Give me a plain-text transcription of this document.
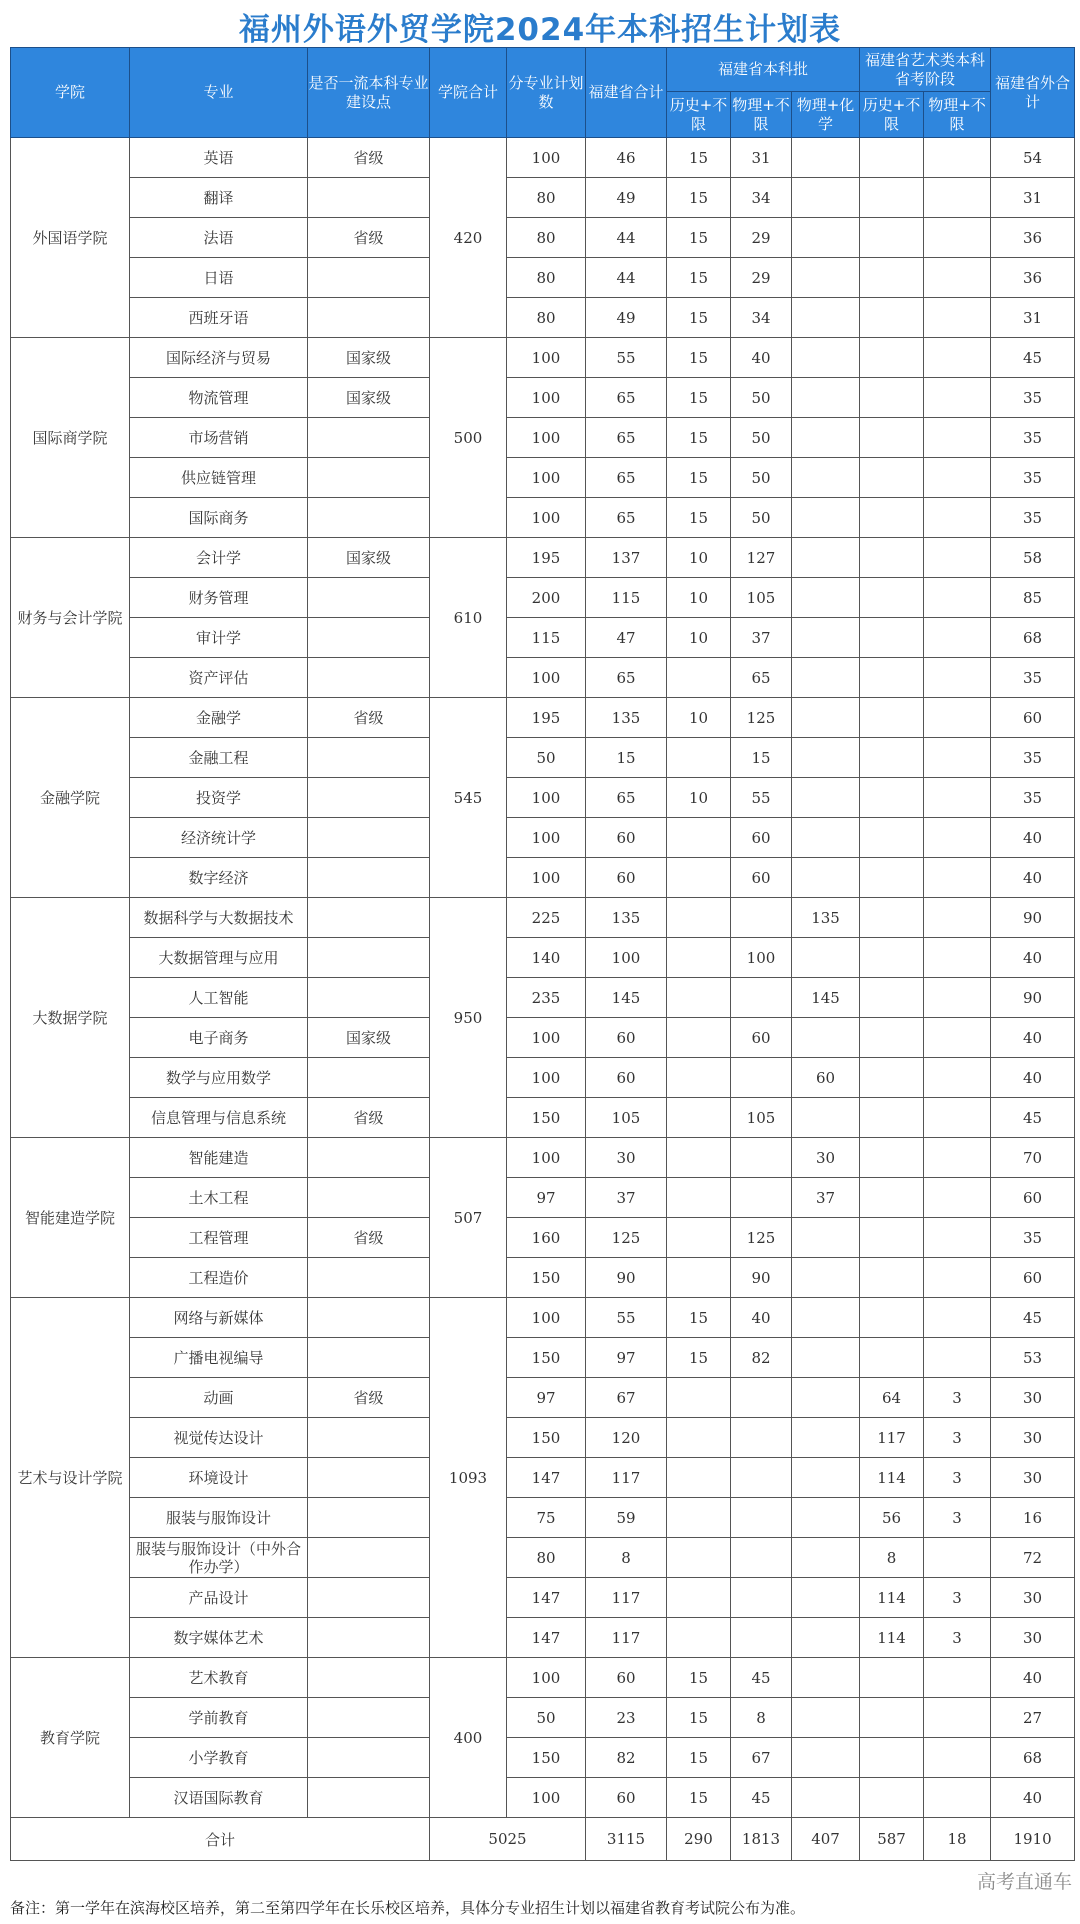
福州外语外贸学院2024年本科招生计划表
学院	专业	是否一流本科专业建设点	学院合计	分专业计划数	福建省合计	福建省本科批			福建省艺术类本科省考阶段		福建省外合计
						历史+不限	物理+不限	物理+化学	历史+不限	物理+不限	
外国语学院	英语	省级	420	100	46	15	31				54
	翻译			80	49	15	34				31
	法语	省级		80	44	15	29				36
	日语			80	44	15	29				36
	西班牙语			80	49	15	34				31
国际商学院	国际经济与贸易	国家级	500	100	55	15	40				45
	物流管理	国家级		100	65	15	50				35
	市场营销			100	65	15	50				35
	供应链管理			100	65	15	50				35
	国际商务			100	65	15	50				35
财务与会计学院	会计学	国家级	610	195	137	10	127				58
	财务管理			200	115	10	105				85
	审计学			115	47	10	37				68
	资产评估			100	65		65				35
金融学院	金融学	省级	545	195	135	10	125				60
	金融工程			50	15		15				35
	投资学			100	65	10	55				35
	经济统计学			100	60		60				40
	数字经济			100	60		60				40
大数据学院	数据科学与大数据技术		950	225	135			135			90
	大数据管理与应用			140	100		100				40
	人工智能			235	145			145			90
	电子商务	国家级		100	60		60				40
	数学与应用数学			100	60			60			40
	信息管理与信息系统	省级		150	105		105				45
智能建造学院	智能建造		507	100	30			30			70
	土木工程			97	37			37			60
	工程管理	省级		160	125		125				35
	工程造价			150	90		90				60
艺术与设计学院	网络与新媒体		1093	100	55	15	40				45
	广播电视编导			150	97	15	82				53
	动画	省级		97	67				64	3	30
	视觉传达设计			150	120				117	3	30
	环境设计			147	117				114	3	30
	服装与服饰设计			75	59				56	3	16
	服装与服饰设计（中外合作办学）			80	8				8		72
	产品设计			147	117				114	3	30
	数字媒体艺术			147	117				114	3	30
教育学院	艺术教育		400	100	60	15	45				40
	学前教育			50	23	15	8				27
	小学教育			150	82	15	67				68
	汉语国际教育			100	60	15	45				40
合计			5025		3115	290	1813	407	587	18	1910
高考直通车
备注：第一学年在滨海校区培养，第二至第四学年在长乐校区培养，具体分专业招生计划以福建省教育考试院公布为准。
